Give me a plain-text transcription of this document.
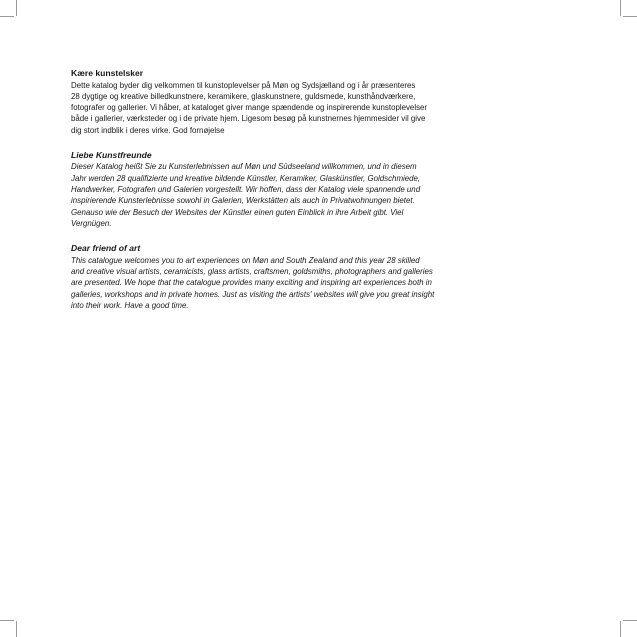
Kære kunstelsker

Dette katalog byder dig velkommen til kunstoplevelser på Møn og Sydsjælland og i år præsenteres
28 dygtige og kreative billedkunstnere, keramikere, glaskunstnere, guldsmede, kunsthåndværkere,
fotografer og gallerier. Vi håber, at kataloget giver mange spændende og inspirerende kunstoplevelser
både i gallerier, værksteder og i de private hjem. Ligesom besøg på kunstnernes hjemmesider vil give
dig stort indblik i deres virke. God fornøjelse

Liebe Kunstfreunde

Dieser Katalog heißt Sie zu Kunsterlebnissen auf Møn und Südseeland willkommen, und in diesem
Jahr werden 28 qualifizierte und kreative bildende Künstler, Keramiker, Glaskünstler, Goldschmiede,
Handwerker, Fotografen und Galerien vorgestellt. Wir hoffen, dass der Katalog viele spannende und
inspirierende Kunsterlebnisse sowohl in Galerien, Werkstätten als auch in Privatwohnungen bietet.
Genauso wie der Besuch der Websites der Künstler einen guten Einblick in ihre Arbeit gibt. Viel
Vergnügen.

Dear friend of art

This catalogue welcomes you to art experiences on Møn and South Zealand and this year 28 skilled
and creative visual artists, ceramicists, glass artists, craftsmen, goldsmiths, photographers and galleries
are presented. We hope that the catalogue provides many exciting and inspiring art experiences both in
galleries, workshops and in private homes. Just as visiting the artists' websites will give you great insight
into their work. Have a good time.
